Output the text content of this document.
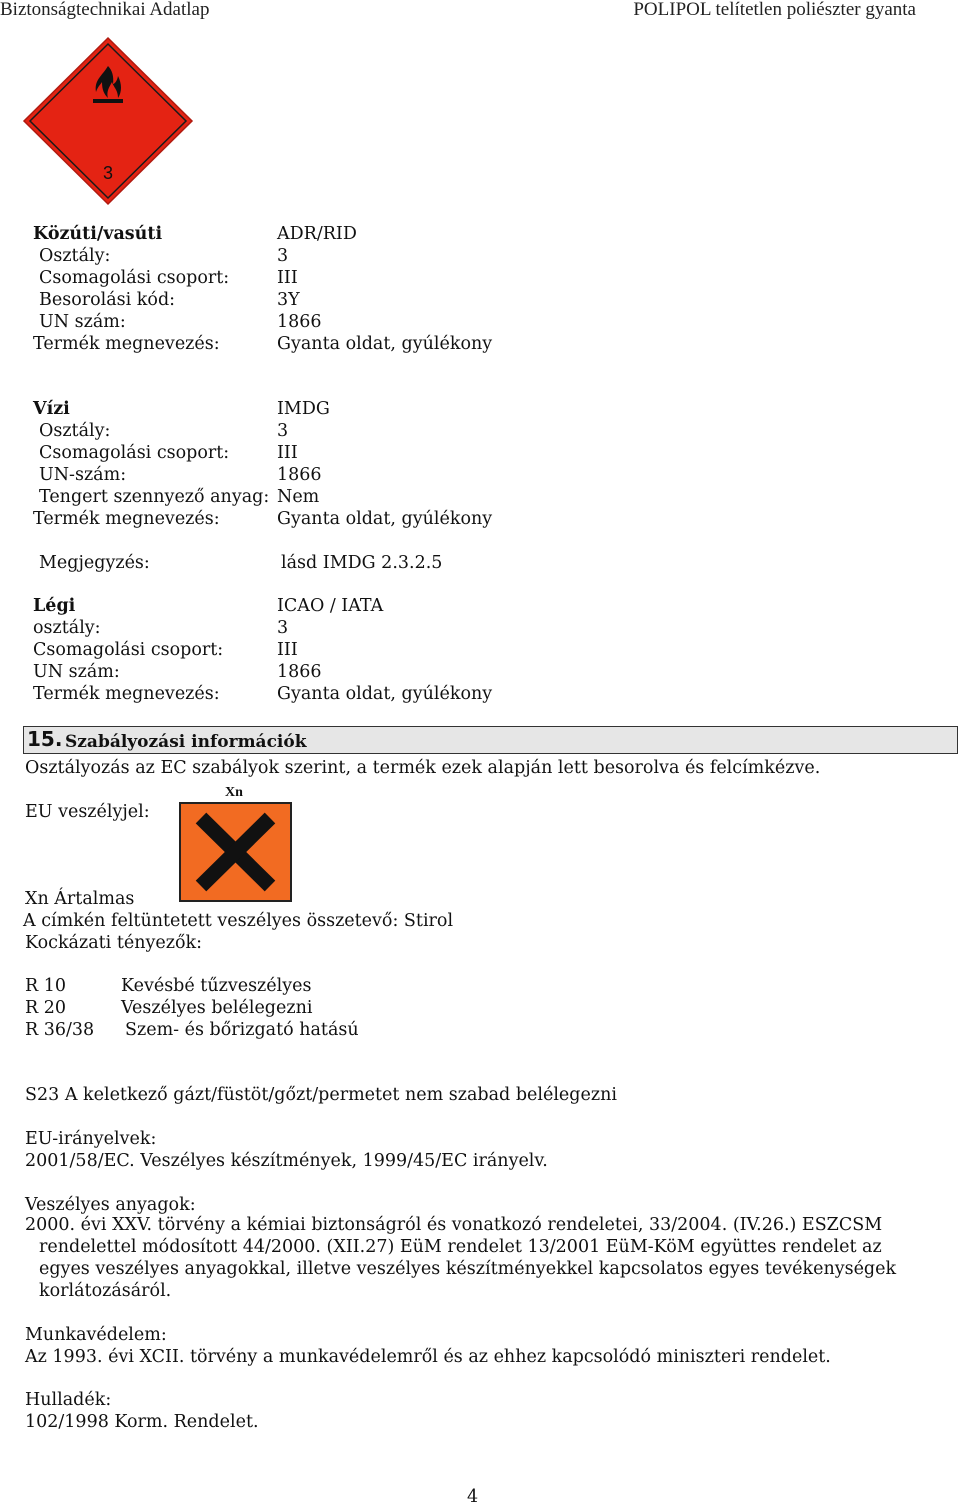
Biztonságtechnikai Adatlap	POLIPOL telítetlen poliészter gyanta
3
Közúti/vasúti	ADR/RID
Osztály:	3
Csomagolási csoport:	III
Besorolási kód:	3Y
UN szám:	1866
Termék megnevezés:	Gyanta oldat, gyúlékony
Vízi	IMDG
Osztály:	3
Csomagolási csoport:	III
UN-szám:	1866
Tengert szennyező anyag: Nem
Termék megnevezés:	Gyanta oldat, gyúlékony
Megjegyzés:	lásd IMDG 2.3.2.5
Légi	ICAO / IATA
osztály:	3
Csomagolási csoport:	III
UN szám:	1866
Termék megnevezés:	Gyanta oldat, gyúlékony
15. Szabályozási információk
Osztályozás az EC szabályok szerint, a termék ezek alapján lett besorolva és felcímkézve.
EU veszélyjel:
Xn
Xn Ártalmas
A címkén feltüntetett veszélyes összetevő: Stirol
Kockázati tényezők:
R 10	Kevésbé tűzveszélyes
R 20	Veszélyes belélegezni
R 36/38 Szem- és bőrizgató hatású
S23 A keletkező gázt/füstöt/gőzt/permetet nem szabad belélegezni
EU-irányelvek:
2001/58/EC. Veszélyes készítmények, 1999/45/EC irányelv.
Veszélyes anyagok:
2000. évi XXV. törvény a kémiai biztonságról és vonatkozó rendeletei, 33/2004. (IV.26.) ESZCSM
rendelettel módosított 44/2000. (XII.27) EüM rendelet 13/2001 EüM-KöM együttes rendelet az
egyes veszélyes anyagokkal, illetve veszélyes készítményekkel kapcsolatos egyes tevékenységek
korlátozásáról.
Munkavédelem:
Az 1993. évi XCII. törvény a munkavédelemről és az ehhez kapcsolódó miniszteri rendelet.
Hulladék:
102/1998 Korm. Rendelet.
4
